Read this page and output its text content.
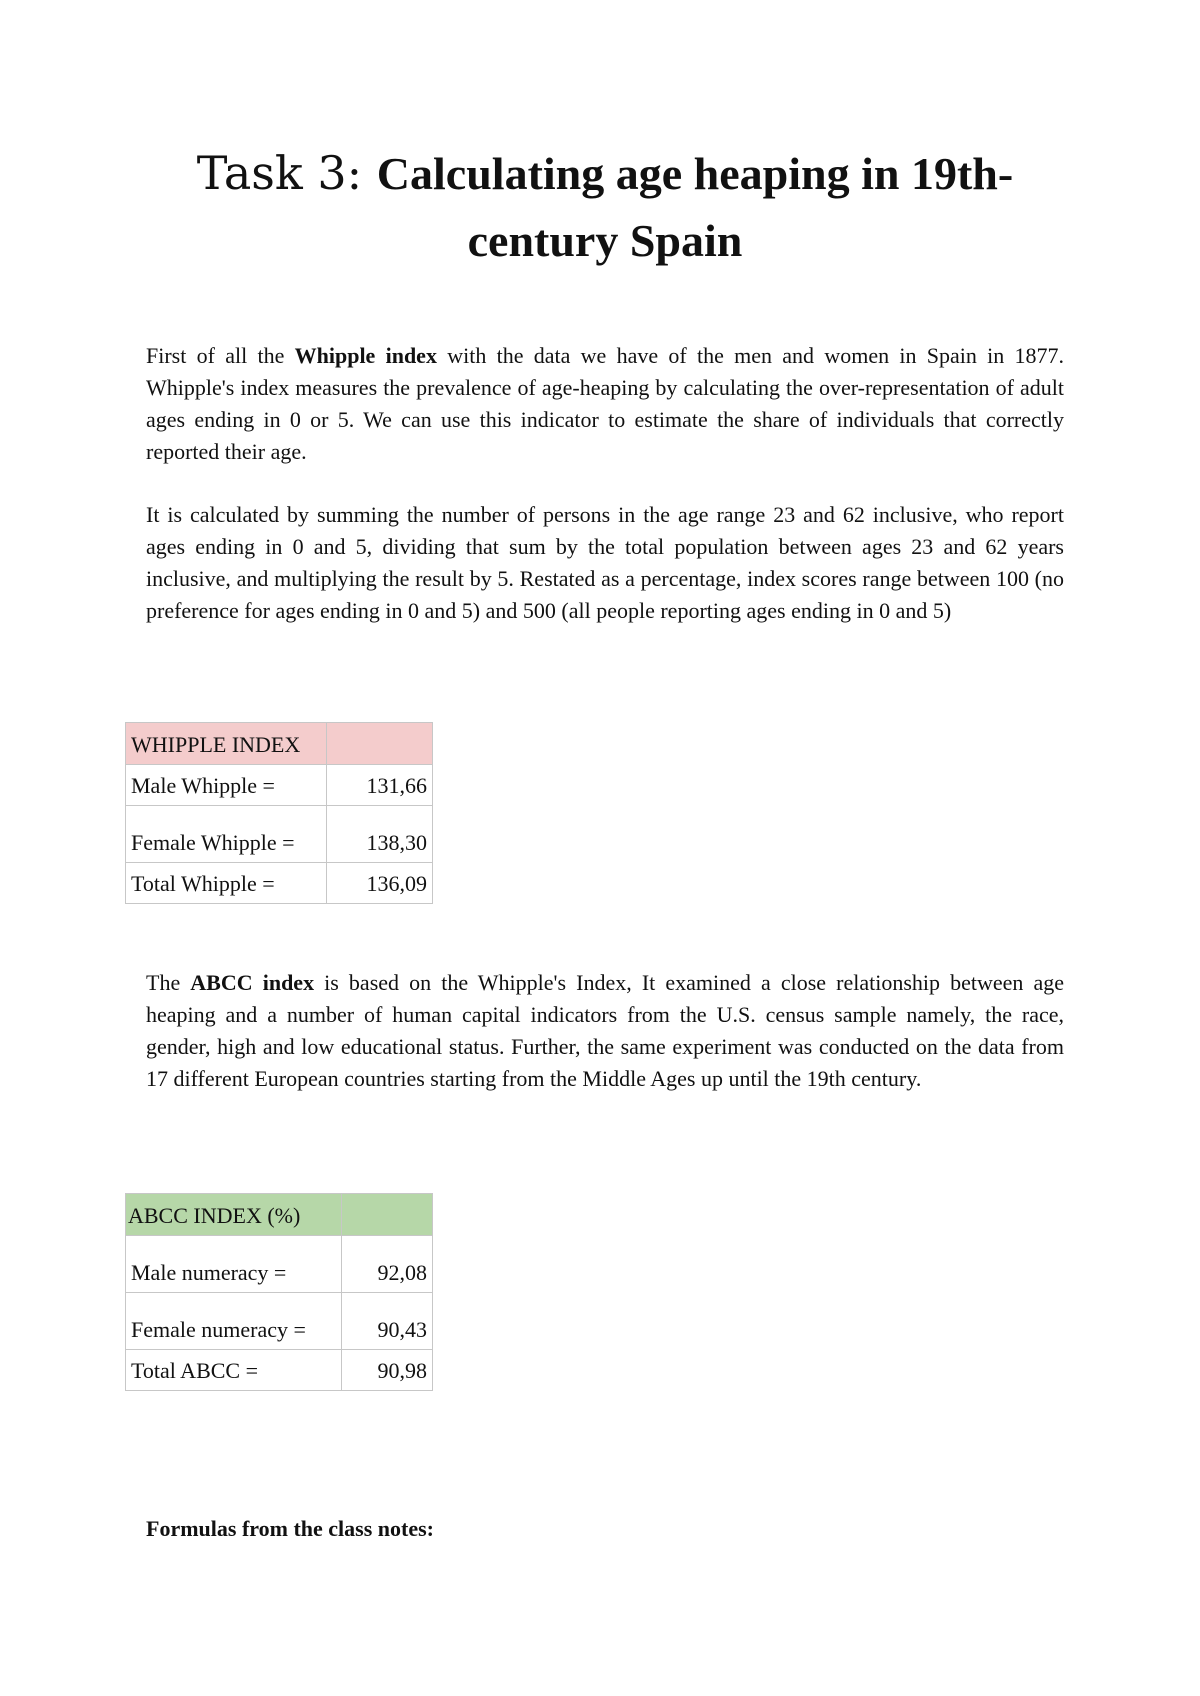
Task 3: Calculating age heaping in 19th-century Spain

First of all the Whipple index with the data we have of the men and women in Spain in 1877. Whipple's index measures the prevalence of age-heaping by calculating the over-representation of adult ages ending in 0 or 5. We can use this indicator to estimate the share of individuals that correctly reported their age.

It is calculated by summing the number of persons in the age range 23 and 62 inclusive, who report ages ending in 0 and 5, dividing that sum by the total population between ages 23 and 62 years inclusive, and multiplying the result by 5. Restated as a percentage, index scores range between 100 (no preference for ages ending in 0 and 5) and 500 (all people reporting ages ending in 0 and 5)

WHIPPLE INDEX	
Male Whipple =	131,66
Female Whipple =	138,30
Total Whipple =	136,09

The ABCC index is based on the Whipple's Index, It examined a close relationship between age heaping and a number of human capital indicators from the U.S. census sample namely, the race, gender, high and low educational status. Further, the same experiment was conducted on the data from 17 different European countries starting from the Middle Ages up until the 19th century.

ABCC INDEX (%)	
Male numeracy =	92,08
Female numeracy =	90,43
Total ABCC =	90,98

Formulas from the class notes:
